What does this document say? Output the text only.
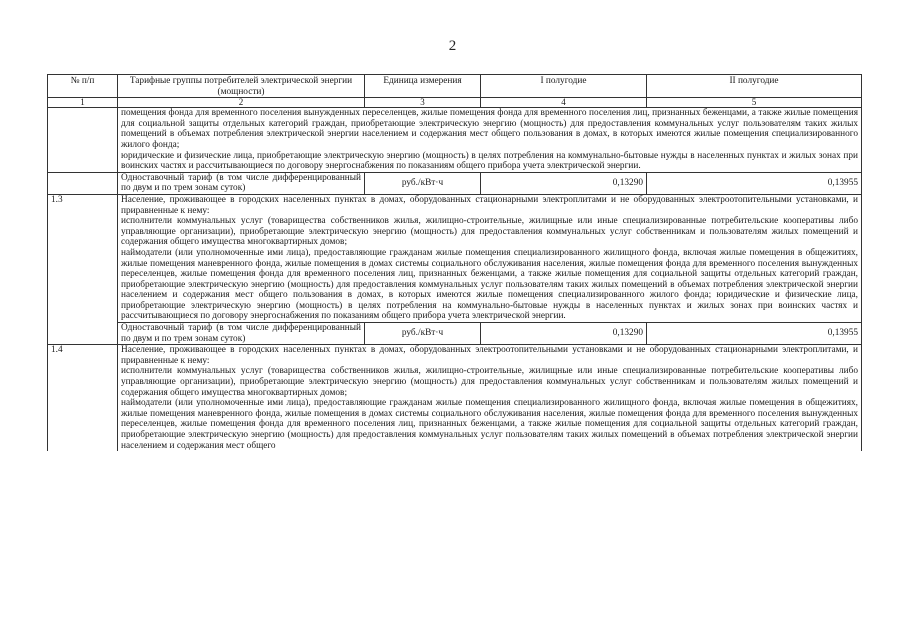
2
№ п/п	Тарифные группы потребителей электрической энергии (мощности)	Единица измерения	I полугодие	II полугодие
1	2	3	4	5

	помещения фонда для временного поселения вынужденных переселенцев, жилые помещения фонда для временного поселения лиц, признанных беженцами, а также жилые помещения для социальной защиты отдельных категорий граждан, приобретающие электрическую энергию (мощность) для предоставления коммунальных услуг пользователям таких жилых помещений в объемах потребления электрической энергии населением и содержания мест общего пользования в домах, в которых имеются жилые помещения специализированного жилого фонда;

юридические и физические лица, приобретающие электрическую энергию (мощность) в целях потребления на коммунально-бытовые нужды в населенных пунктах и жилых зонах при воинских частях и рассчитывающиеся по договору энергоснабжения по показаниям общего прибора учета электрической энергии.			

	Одноставочный тариф (в том числе дифференцированный по двум и по трем зонам суток)	руб./кВт·ч	0,13290	0,13955
1.3	Население, проживающее в городских населенных пунктах в домах, оборудованных стационарными электроплитами и не оборудованных электроотопительными установками, и приравненные к нему:

исполнители коммунальных услуг (товарищества собственников жилья, жилищно-строительные, жилищные или иные специализированные потребительские кооперативы либо управляющие организации), приобретающие электрическую энергию (мощность) для предоставления коммунальных услуг собственникам и пользователям жилых помещений и содержания общего имущества многоквартирных домов;

наймодатели (или уполномоченные ими лица), предоставляющие гражданам жилые помещения специализированного жилищного фонда, включая жилые помещения в общежитиях, жилые помещения маневренного фонда, жилые помещения в домах системы социального обслуживания населения, жилые помещения фонда для временного поселения вынужденных переселенцев, жилые помещения фонда для временного поселения лиц, признанных беженцами, а также жилые помещения для социальной защиты отдельных категорий граждан, приобретающие электрическую энергию (мощность) для предоставления коммунальных услуг пользователям таких жилых помещений в объемах потребления электрической энергии населением и содержания мест общего пользования в домах, в которых имеются жилые помещения специализированного жилого фонда; юридические и физические лица, приобретающие электрическую энергию (мощность) в целях потребления на коммунально-бытовые нужды в населенных пунктах и жилых зонах при воинских частях и рассчитывающиеся по договору энергоснабжения по показаниям общего прибора учета электрической энергии.			

	Одноставочный тариф (в том числе дифференцированный по двум и по трем зонам суток)	руб./кВт·ч	0,13290	0,13955
1.4	Население, проживающее в городских населенных пунктах в домах, оборудованных электроотопительными установками и не оборудованных стационарными электроплитами, и приравненные к нему:

исполнители коммунальных услуг (товарищества собственников жилья, жилищно-строительные, жилищные или иные специализированные потребительские кооперативы либо управляющие организации), приобретающие электрическую энергию (мощность) для предоставления коммунальных услуг собственникам и пользователям жилых помещений и содержания общего имущества многоквартирных домов;

наймодатели (или уполномоченные ими лица), предоставляющие гражданам жилые помещения специализированного жилищного фонда, включая жилые помещения в общежитиях, жилые помещения маневренного фонда, жилые помещения в домах системы социального обслуживания населения, жилые помещения фонда для временного поселения вынужденных переселенцев, жилые помещения фонда для временного поселения лиц, признанных беженцами, а также жилые помещения для социальной защиты отдельных категорий граждан, приобретающие электрическую энергию (мощность) для предоставления коммунальных услуг пользователям таких жилых помещений в объемах потребления электрической энергии населением и содержания мест общего			
